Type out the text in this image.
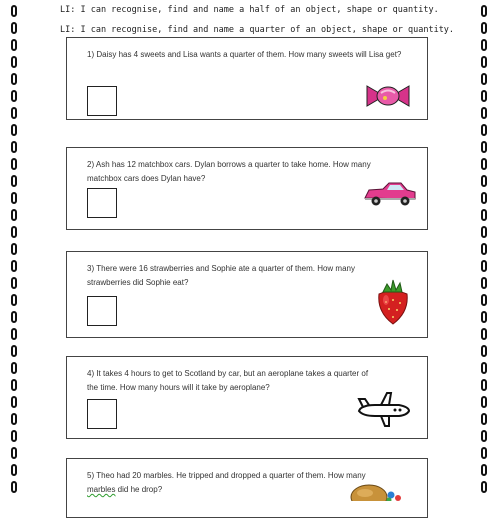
LI: I can recognise, find and name a half of an object, shape or quantity.
LI: I can recognise, find and name a quarter of an object, shape or quantity.
1) Daisy has 4 sweets and Lisa wants a quarter of them. How many sweets will Lisa get?
2) Ash has 12 matchbox cars. Dylan borrows a quarter to take home. How many matchbox cars does Dylan have?
3) There were 16 strawberries and Sophie ate a quarter of them. How many strawberries did Sophie eat?
4) It takes 4 hours to get to Scotland by car, but an aeroplane takes a quarter of the time. How many hours will it take by aeroplane?
5) Theo had 20 marbles. He tripped and dropped a quarter of them. How many marbles did he drop?
